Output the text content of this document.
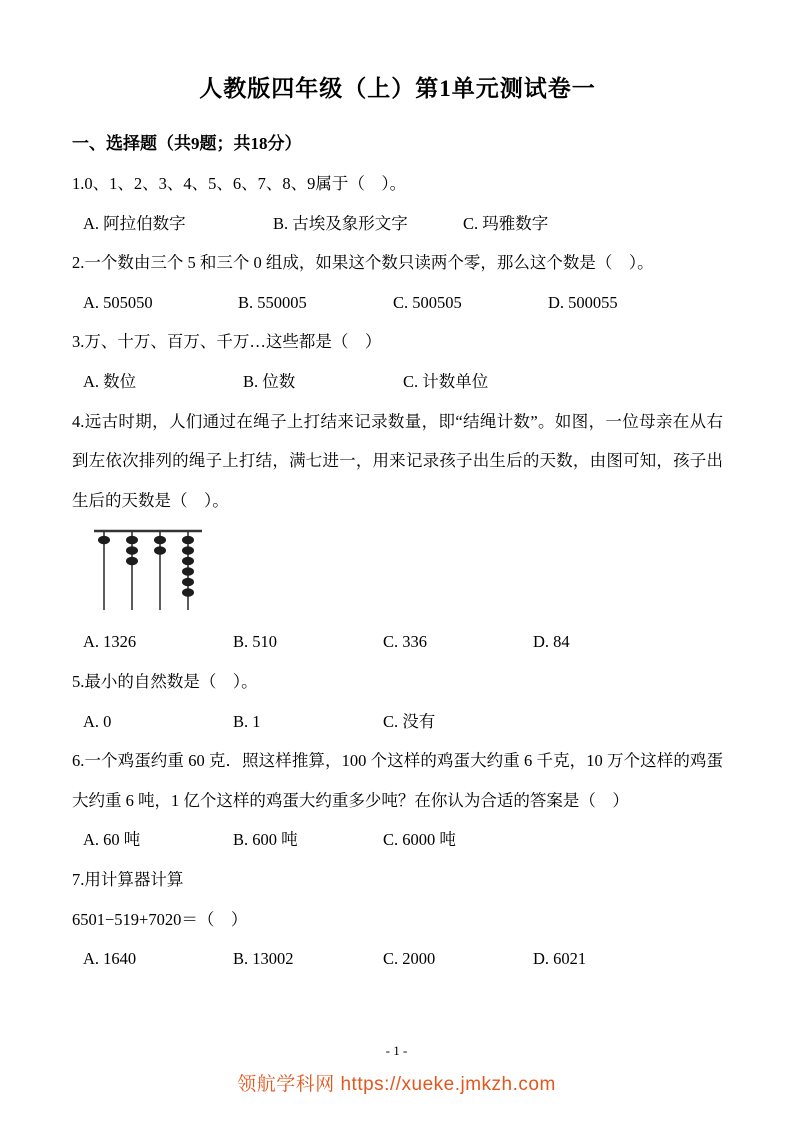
人教版四年级（上）第1单元测试卷一
一、选择题（共9题；共18分）

1.0、1、2、3、4、5、6、7、8、9属于（　）。

A. 阿拉伯数字	B. 古埃及象形文字	C. 玛雅数字

2.一个数由三个 5 和三个 0 组成，如果这个数只读两个零，那么这个数是（　）。

A. 505050	B. 550005	C. 500505	D. 500055

3.万、十万、百万、千万…这些都是（　）

A. 数位	B. 位数	C. 计数单位

4.远古时期，人们通过在绳子上打结来记录数量，即“结绳计数”。如图，一位母亲在从右到左依次排列的绳子上打结，满七进一，用来记录孩子出生后的天数，由图可知，孩子出生后的天数是（　）。

A. 1326	B. 510	C. 336	D. 84

5.最小的自然数是（　）。

A. 0	B. 1	C. 没有

6.一个鸡蛋约重 60 克．照这样推算，100 个这样的鸡蛋大约重 6 千克，10 万个这样的鸡蛋大约重 6 吨，1 亿个这样的鸡蛋大约重多少吨？在你认为合适的答案是（　）

A. 60 吨	B. 600 吨	C. 6000 吨

7.用计算器计算

6501−519+7020＝（　）

A. 1640	B. 13002	C. 2000	D. 6021

- 1 -
领航学科网 https://xueke.jmkzh.com
